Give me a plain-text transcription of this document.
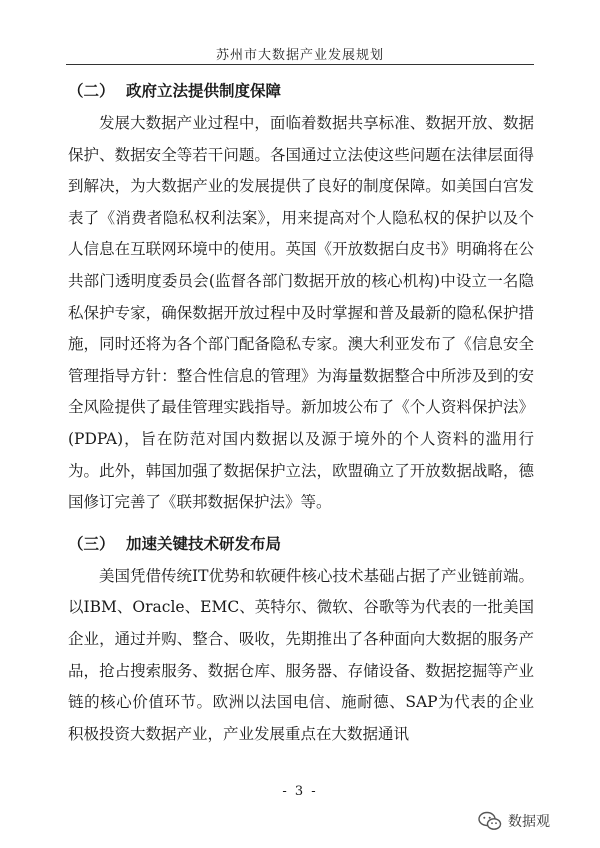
苏州市大数据产业发展规划
（二） 政府立法提供制度保障

发展大数据产业过程中，面临着数据共享标准、数据开放、数据保护、数据安全等若干问题。各国通过立法使这些问题在法律层面得到解决，为大数据产业的发展提供了良好的制度保障。如美国白宫发表了《消费者隐私权利法案》，用来提高对个人隐私权的保护以及个人信息在互联网环境中的使用。英国《开放数据白皮书》明确将在公共部门透明度委员会(监督各部门数据开放的核心机构)中设立一名隐私保护专家，确保数据开放过程中及时掌握和普及最新的隐私保护措施，同时还将为各个部门配备隐私专家。澳大利亚发布了《信息安全管理指导方针：整合性信息的管理》为海量数据整合中所涉及到的安全风险提供了最佳管理实践指导。新加坡公布了《个人资料保护法》(PDPA)，旨在防范对国内数据以及源于境外的个人资料的滥用行为。此外，韩国加强了数据保护立法，欧盟确立了开放数据战略，德国修订完善了《联邦数据保护法》等。

（三） 加速关键技术研发布局

美国凭借传统IT优势和软硬件核心技术基础占据了产业链前端。以IBM、Oracle、EMC、英特尔、微软、谷歌等为代表的一批美国企业，通过并购、整合、吸收，先期推出了各种面向大数据的服务产品，抢占搜索服务、数据仓库、服务器、存储设备、数据挖掘等产业链的核心价值环节。欧洲以法国电信、施耐德、SAP为代表的企业积极投资大数据产业，产业发展重点在大数据通讯

- 3 -
数据观
